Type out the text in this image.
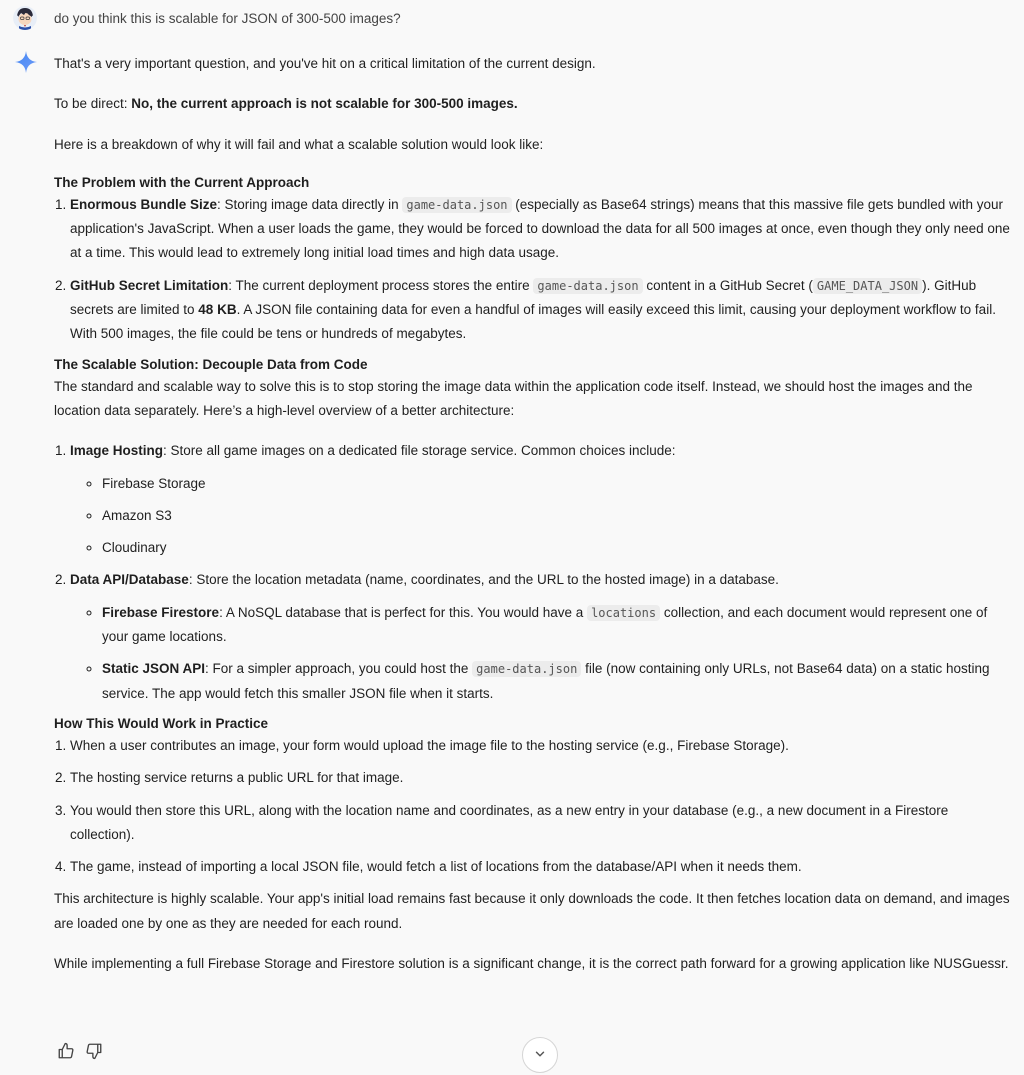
do you think this is scalable for JSON of 300-500 images?

That's a very important question, and you've hit on a critical limitation of the current design.

To be direct: No, the current approach is not scalable for 300-500 images.

Here is a breakdown of why it will fail and what a scalable solution would look like:

The Problem with the Current Approach
1. Enormous Bundle Size: Storing image data directly in game-data.json (especially as Base64 strings) means that this massive file gets bundled with your application's JavaScript. When a user loads the game, they would be forced to download the data for all 500 images at once, even though they only need one at a time. This would lead to extremely long initial load times and high data usage.
2. GitHub Secret Limitation: The current deployment process stores the entire game-data.json content in a GitHub Secret ( GAME_DATA_JSON ). GitHub secrets are limited to 48 KB. A JSON file containing data for even a handful of images will easily exceed this limit, causing your deployment workflow to fail. With 500 images, the file could be tens or hundreds of megabytes.
The Scalable Solution: Decouple Data from Code

The standard and scalable way to solve this is to stop storing the image data within the application code itself. Instead, we should host the images and the location data separately. Here’s a high-level overview of a better architecture:

1. Image Hosting: Store all game images on a dedicated file storage service. Common choices include:
◦ Firebase Storage
◦ Amazon S3
◦ Cloudinary
2. Data API/Database: Store the location metadata (name, coordinates, and the URL to the hosted image) in a database.
◦ Firebase Firestore: A NoSQL database that is perfect for this. You would have a locations collection, and each document would represent one of your game locations.
◦ Static JSON API: For a simpler approach, you could host the game-data.json file (now containing only URLs, not Base64 data) on a static hosting service. The app would fetch this smaller JSON file when it starts.
How This Would Work in Practice
1. When a user contributes an image, your form would upload the image file to the hosting service (e.g., Firebase Storage).
2. The hosting service returns a public URL for that image.
3. You would then store this URL, along with the location name and coordinates, as a new entry in your database (e.g., a new document in a Firestore collection).
4. The game, instead of importing a local JSON file, would fetch a list of locations from the database/API when it needs them.

This architecture is highly scalable. Your app's initial load remains fast because it only downloads the code. It then fetches location data on demand, and images are loaded one by one as they are needed for each round.

While implementing a full Firebase Storage and Firestore solution is a significant change, it is the correct path forward for a growing application like NUSGuessr.
